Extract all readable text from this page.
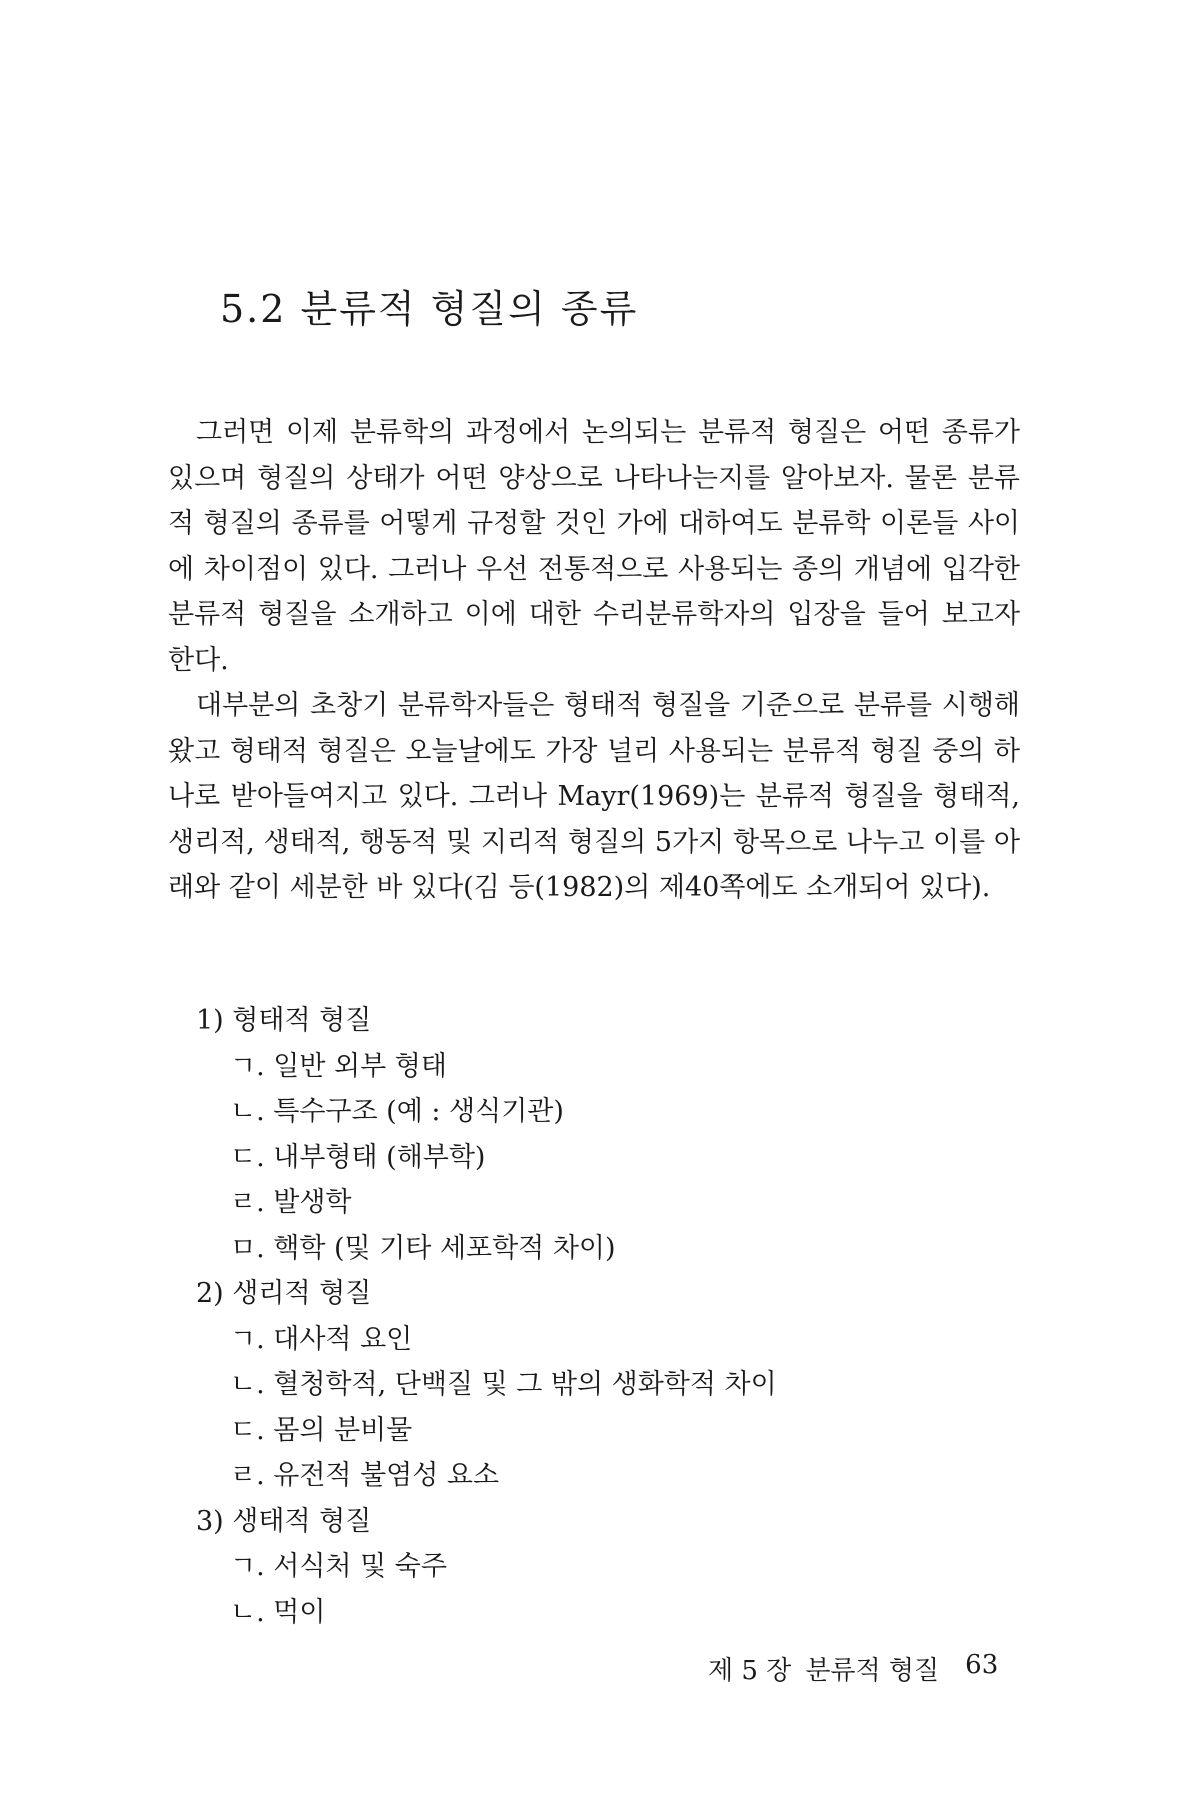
5.2 분류적 형질의 종류

그러면 이제 분류학의 과정에서 논의되는 분류적 형질은 어떤 종류가 있으며 형질의 상태가 어떤 양상으로 나타나는지를 알아보자. 물론 분류적 형질의 종류를 어떻게 규정할 것인 가에 대하여도 분류학 이론들 사이에 차이점이 있다. 그러나 우선 전통적으로 사용되는 종의 개념에 입각한 분류적 형질을 소개하고 이에 대한 수리분류학자의 입장을 들어 보고자 한다.

대부분의 초창기 분류학자들은 형태적 형질을 기준으로 분류를 시행해 왔고 형태적 형질은 오늘날에도 가장 널리 사용되는 분류적 형질 중의 하나로 받아들여지고 있다. 그러나 Mayr(1969)는 분류적 형질을 형태적, 생리적, 생태적, 행동적 및 지리적 형질의 5가지 항목으로 나누고 이를 아래와 같이 세분한 바 있다(김 등(1982)의 제40쪽에도 소개되어 있다).

1) 형태적 형질
ㄱ. 일반 외부 형태
ㄴ. 특수구조 (예 : 생식기관)
ㄷ. 내부형태 (해부학)
ㄹ. 발생학
ㅁ. 핵학 (및 기타 세포학적 차이)
2) 생리적 형질
ㄱ. 대사적 요인
ㄴ. 혈청학적, 단백질 및 그 밖의 생화학적 차이
ㄷ. 몸의 분비물
ㄹ. 유전적 불염성 요소
3) 생태적 형질
ㄱ. 서식처 및 숙주
ㄴ. 먹이
제 5 장 분류적 형질 63
